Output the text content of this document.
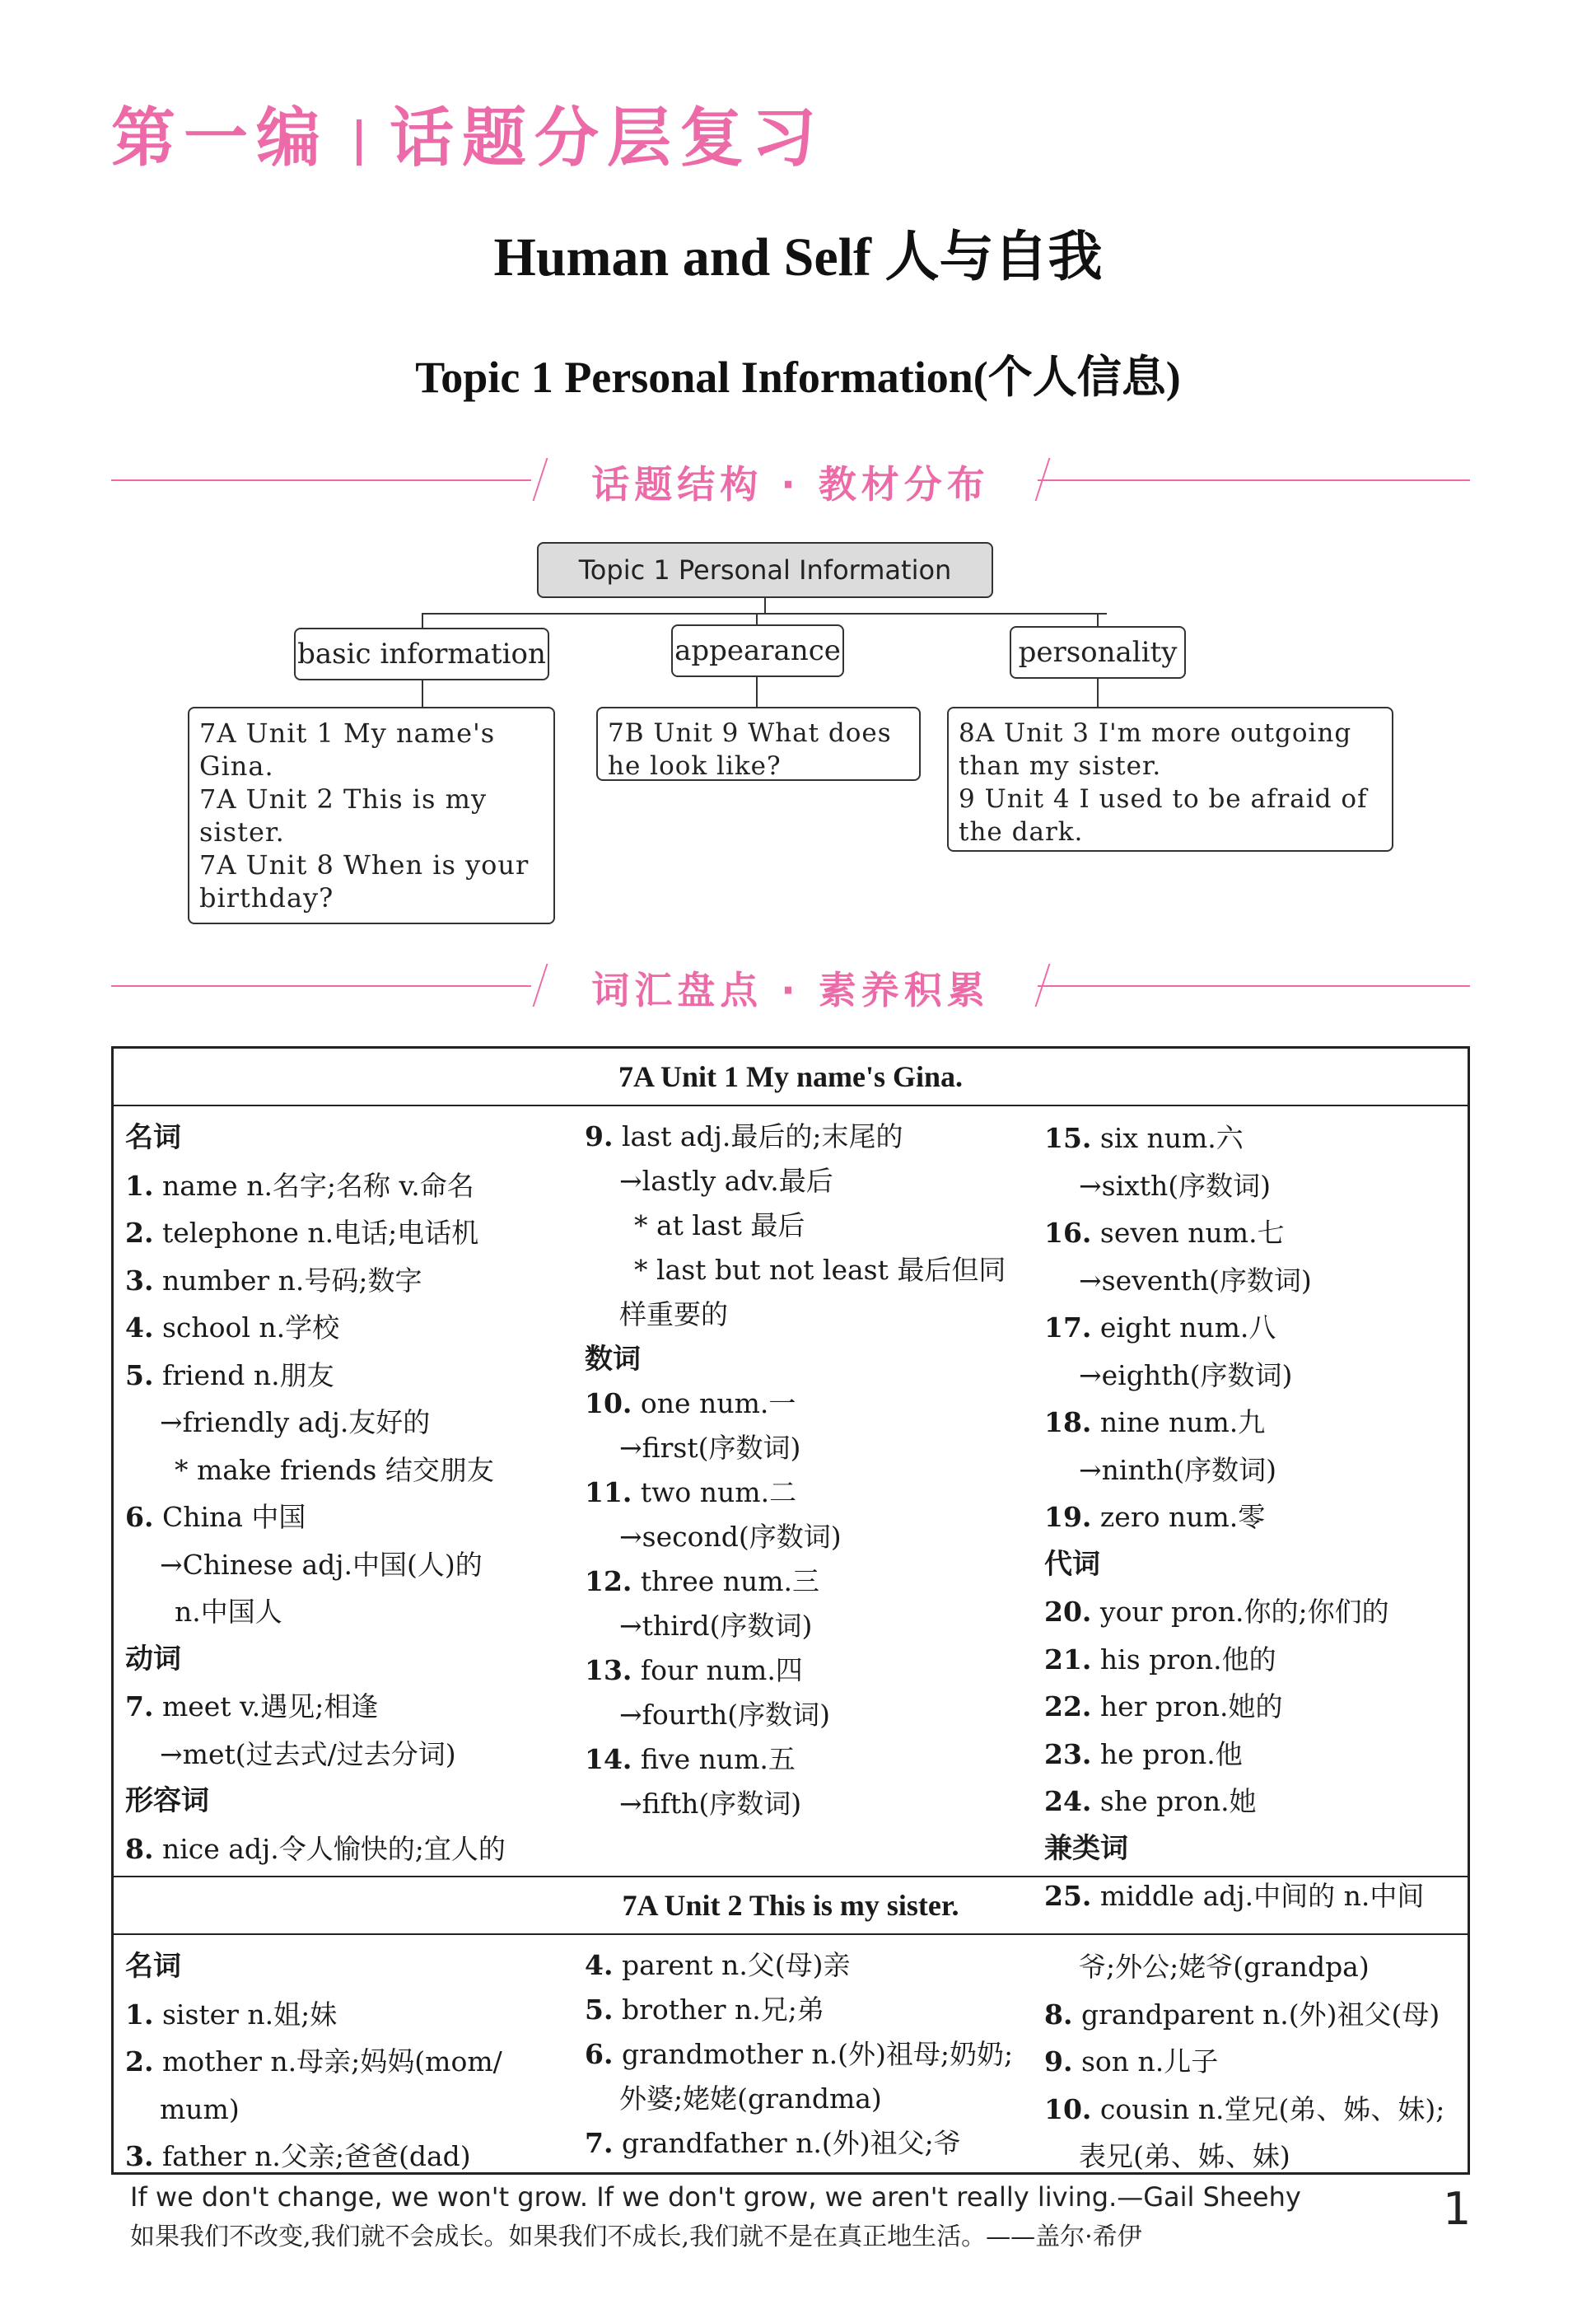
第一编 话题分层复习
Human and Self 人与自我
Topic 1 Personal Information(个人信息)
话题结构 · 教材分布
Topic 1 Personal Information
basic information	appearance	personality
7A Unit 1 My name's
Gina.
7A Unit 2 This is my
sister.
7A Unit 8 When is your
birthday?
7B Unit 9 What does
he look like?
8A Unit 3 I'm more outgoing
than my sister.
9 Unit 4 I used to be afraid of
the dark.
词汇盘点 · 素养积累
7A Unit 1 My name's Gina.
名词
1. name n.名字;名称 v.命名
2. telephone n.电话;电话机
3. number n.号码;数字
4. school n.学校
5. friend n.朋友
→friendly adj.友好的
* make friends 结交朋友
6. China 中国
→Chinese adj.中国(人)的
n.中国人
动词
7. meet v.遇见;相逢
→met(过去式/过去分词)
形容词
8. nice adj.令人愉快的;宜人的
9. last adj.最后的;末尾的
→lastly adv.最后
* at last 最后
* last but not least 最后但同
样重要的
数词
10. one num.一
→first(序数词)
11. two num.二
→second(序数词)
12. three num.三
→third(序数词)
13. four num.四
→fourth(序数词)
14. five num.五
→fifth(序数词)
15. six num.六
→sixth(序数词)
16. seven num.七
→seventh(序数词)
17. eight num.八
→eighth(序数词)
18. nine num.九
→ninth(序数词)
19. zero num.零
代词
20. your pron.你的;你们的
21. his pron.他的
22. her pron.她的
23. he pron.他
24. she pron.她
兼类词
25. middle adj.中间的 n.中间
7A Unit 2 This is my sister.
名词
1. sister n.姐;妹
2. mother n.母亲;妈妈(mom/
mum)
3. father n.父亲;爸爸(dad)
4. parent n.父(母)亲
5. brother n.兄;弟
6. grandmother n.(外)祖母;奶奶;
外婆;姥姥(grandma)
7. grandfather n.(外)祖父;爷
爷;外公;姥爷(grandpa)
8. grandparent n.(外)祖父(母)
9. son n.儿子
10. cousin n.堂兄(弟、姊、妹);
表兄(弟、姊、妹)
If we don't change, we won't grow. If we don't grow, we aren't really living.—Gail Sheehy
如果我们不改变,我们就不会成长。如果我们不成长,我们就不是在真正地生活。——盖尔·希伊
1
